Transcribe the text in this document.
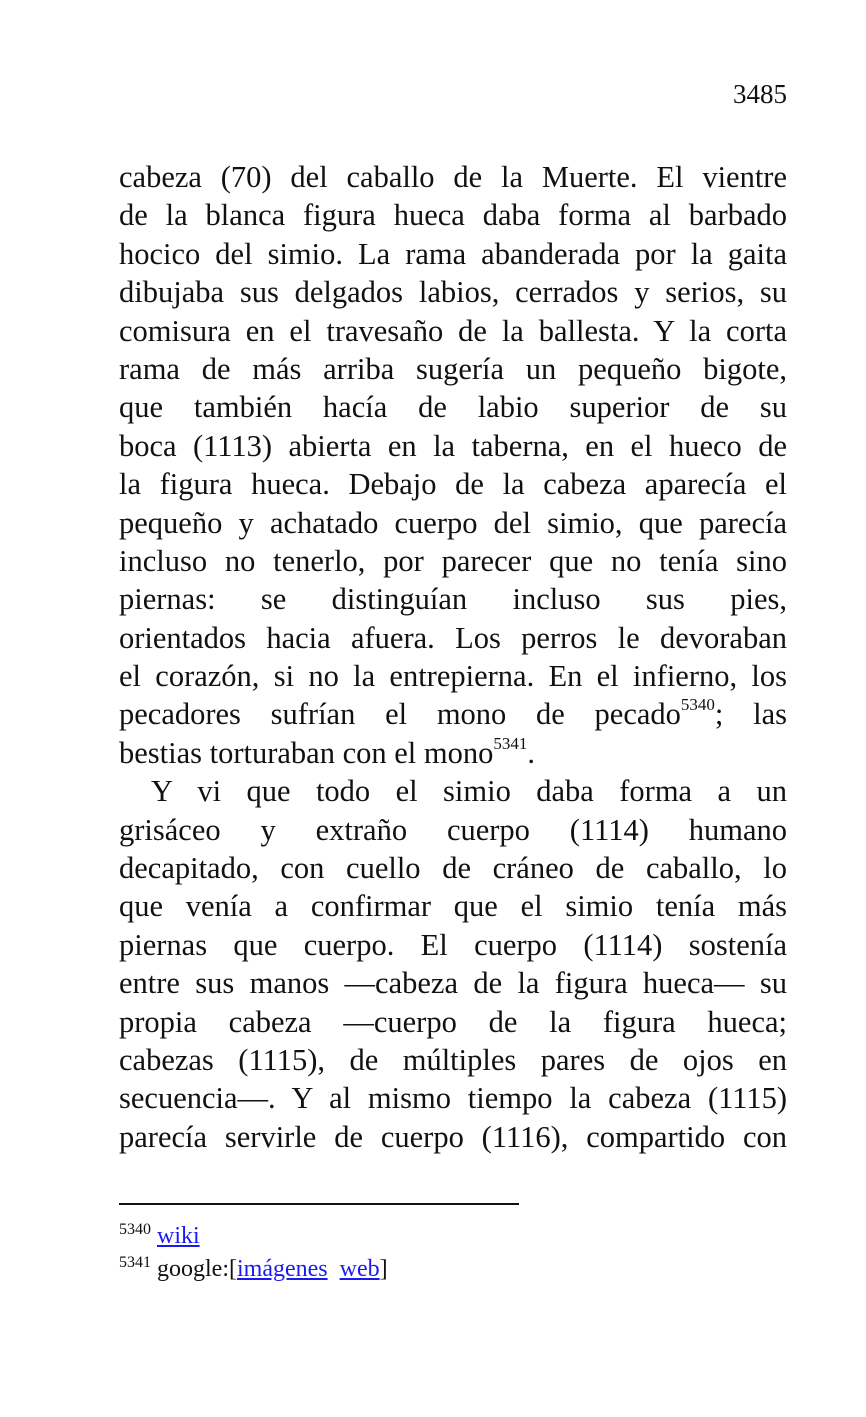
3485
cabeza (70) del caballo de la Muerte. El vientre
de la blanca figura hueca daba forma al barbado
hocico del simio. La rama abanderada por la gaita
dibujaba sus delgados labios, cerrados y serios, su
comisura en el travesaño de la ballesta. Y la corta
rama de más arriba sugería un pequeño bigote,
que también hacía de labio superior de su
boca (1113) abierta en la taberna, en el hueco de
la figura hueca. Debajo de la cabeza aparecía el
pequeño y achatado cuerpo del simio, que parecía
incluso no tenerlo, por parecer que no tenía sino
piernas: se distinguían incluso sus pies,
orientados hacia afuera. Los perros le devoraban
el corazón, si no la entrepierna. En el infierno, los
pecadores sufrían el mono de pecado$^{5340}$; las
bestias torturaban con el mono$^{5341}$.
Y vi que todo el simio daba forma a un
grisáceo y extraño cuerpo (1114) humano
decapitado, con cuello de cráneo de caballo, lo
que venía a confirmar que el simio tenía más
piernas que cuerpo. El cuerpo (1114) sostenía
entre sus manos —cabeza de la figura hueca— su
propia cabeza —cuerpo de la figura hueca;
cabezas (1115), de múltiples pares de ojos en
secuencia—. Y al mismo tiempo la cabeza (1115)
parecía servirle de cuerpo (1116), compartido con
$^{5340}$ wiki
$^{5341}$ google:[imágenes web]
